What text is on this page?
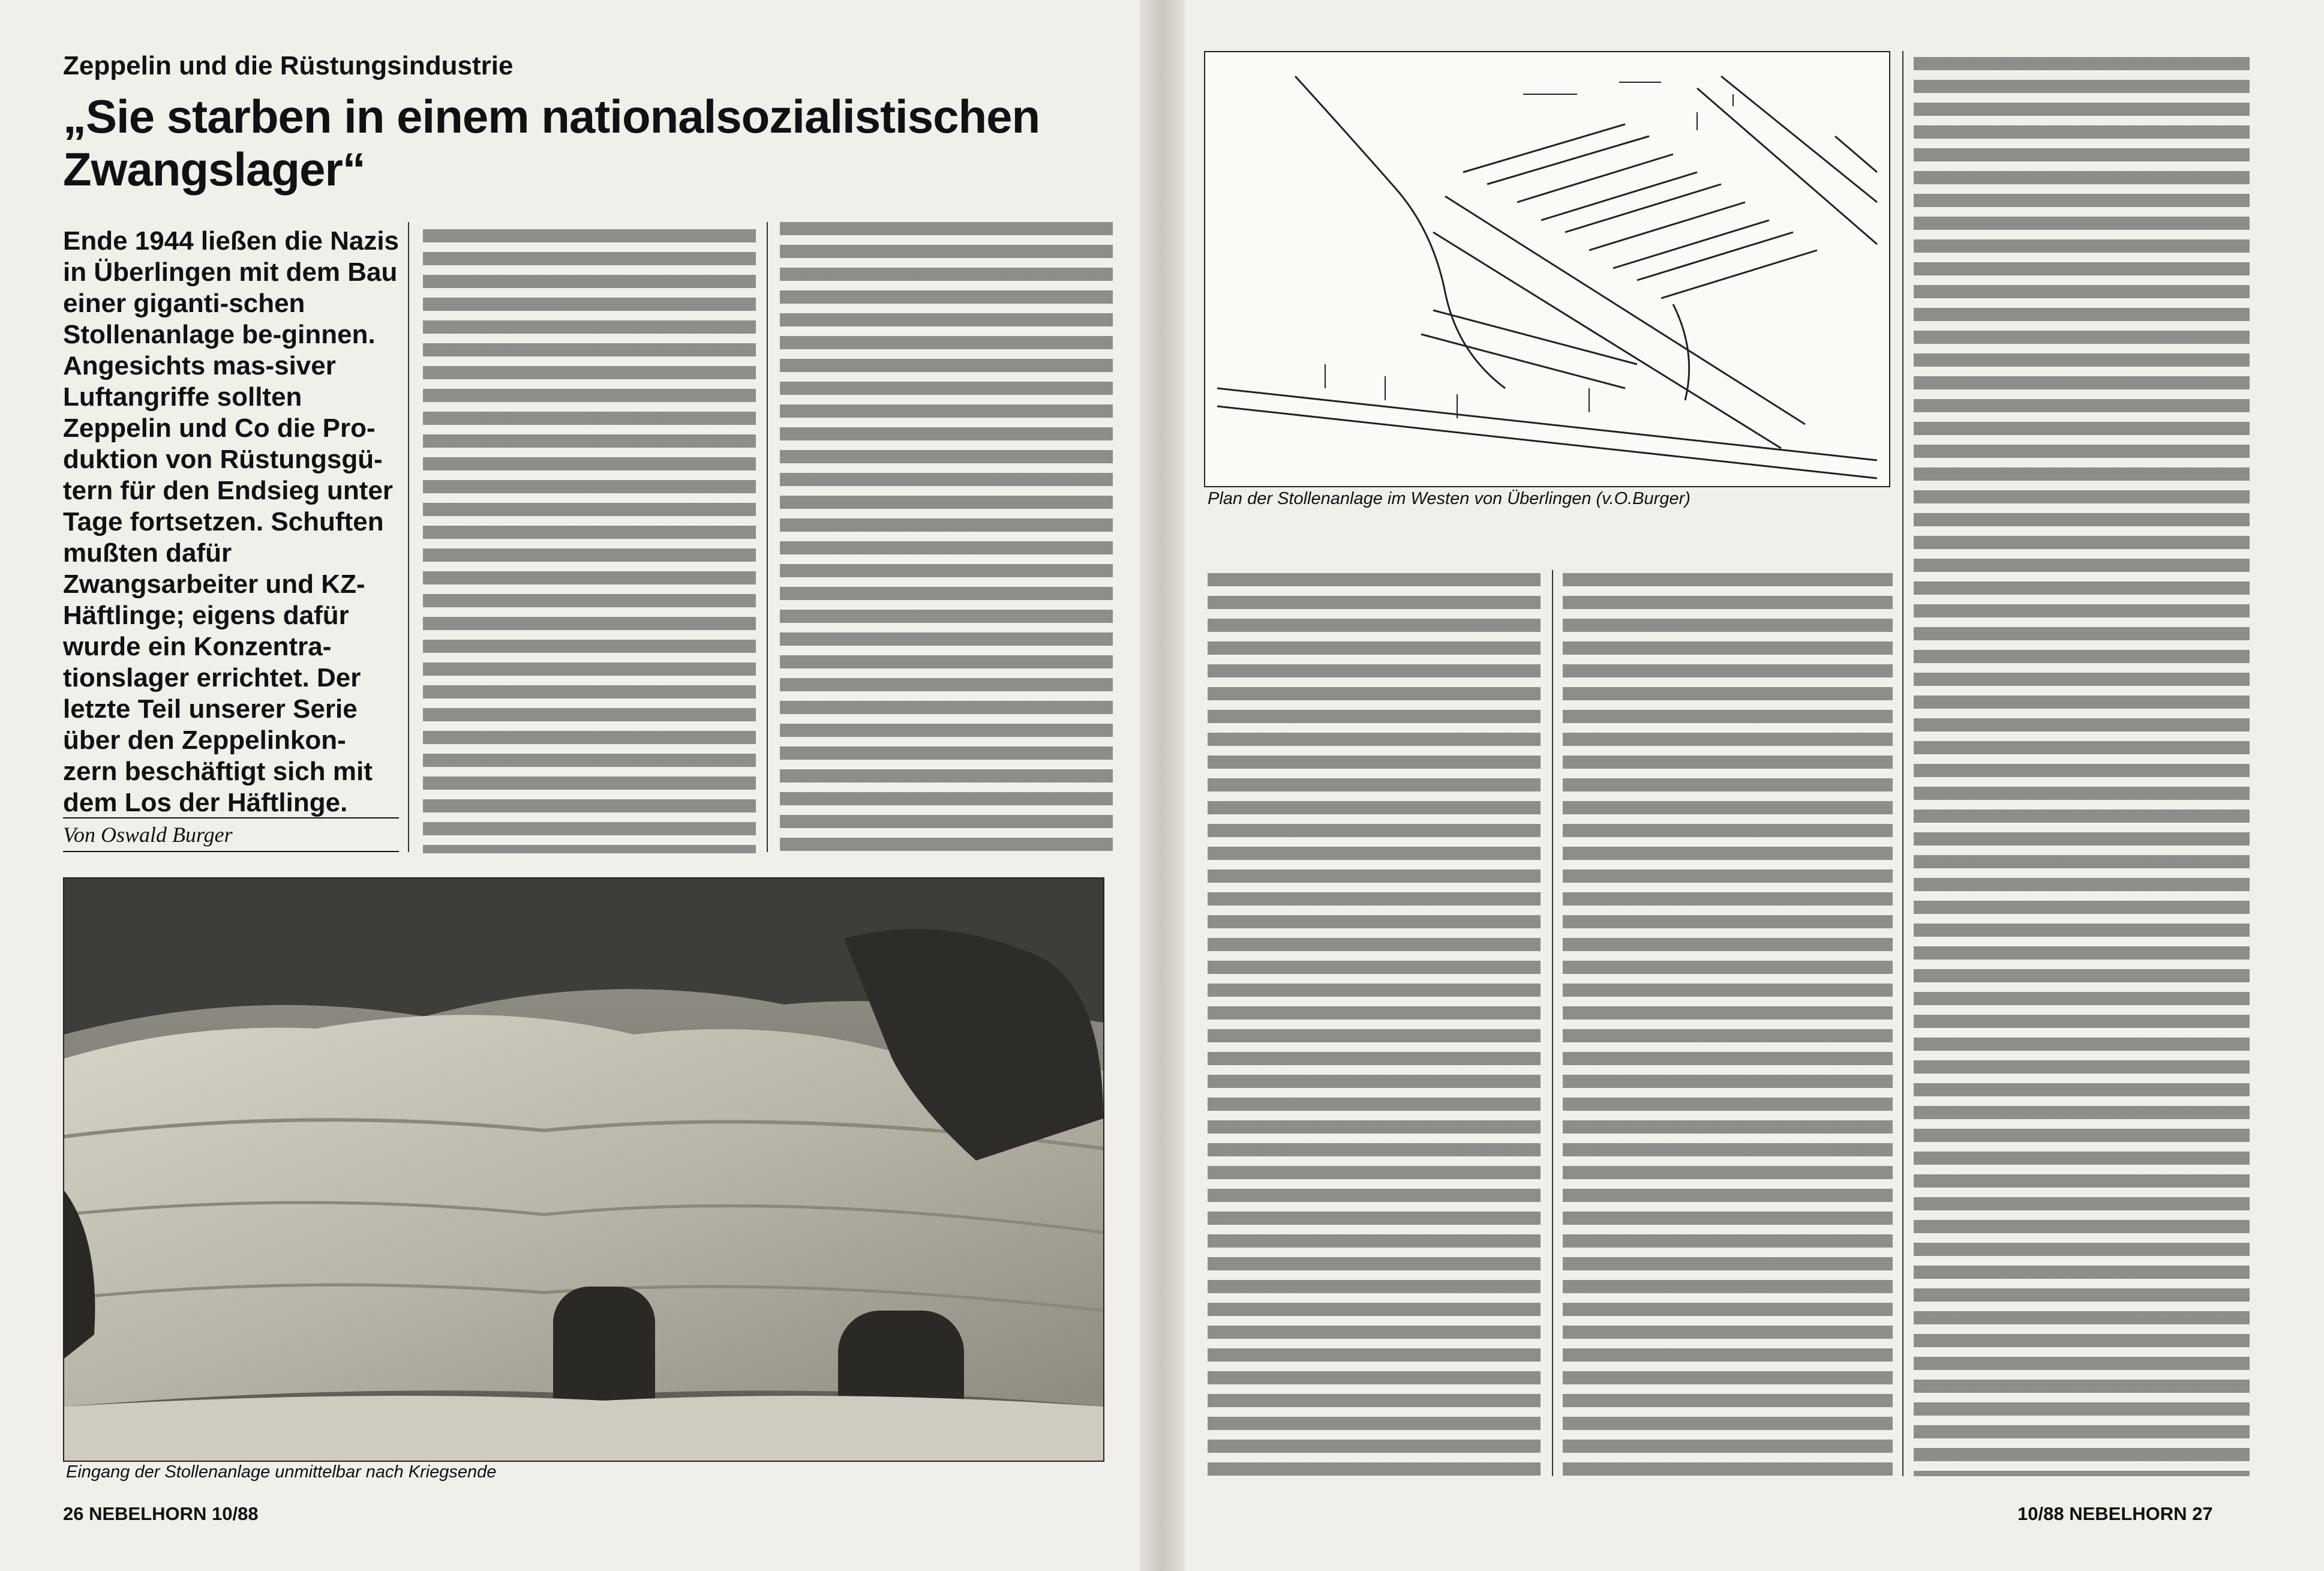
Zeppelin und die Rüstungsindustrie
„Sie starben in einem nationalsozialistischen Zwangslager“
Ende 1944 ließen die Nazis in Überlingen mit dem Bau einer giganti-schen Stollenanlage be-ginnen. Angesichts mas-siver Luftangriffe sollten Zeppelin und Co die Pro-duktion von Rüstungsgü-tern für den Endsieg unter Tage fortsetzen. Schuften mußten dafür Zwangsarbeiter und KZ-Häftlinge; eigens dafür wurde ein Konzentra-tionslager errichtet. Der letzte Teil unserer Serie über den Zeppelinkon-zern beschäftigt sich mit dem Los der Häftlinge.
Von Oswald Burger
Eingang der Stollenanlage unmittelbar nach Kriegsende
26 NEBELHORN 10/88
Plan der Stollenanlage im Westen von Überlingen (v.O.Burger)
10/88 NEBELHORN 27
